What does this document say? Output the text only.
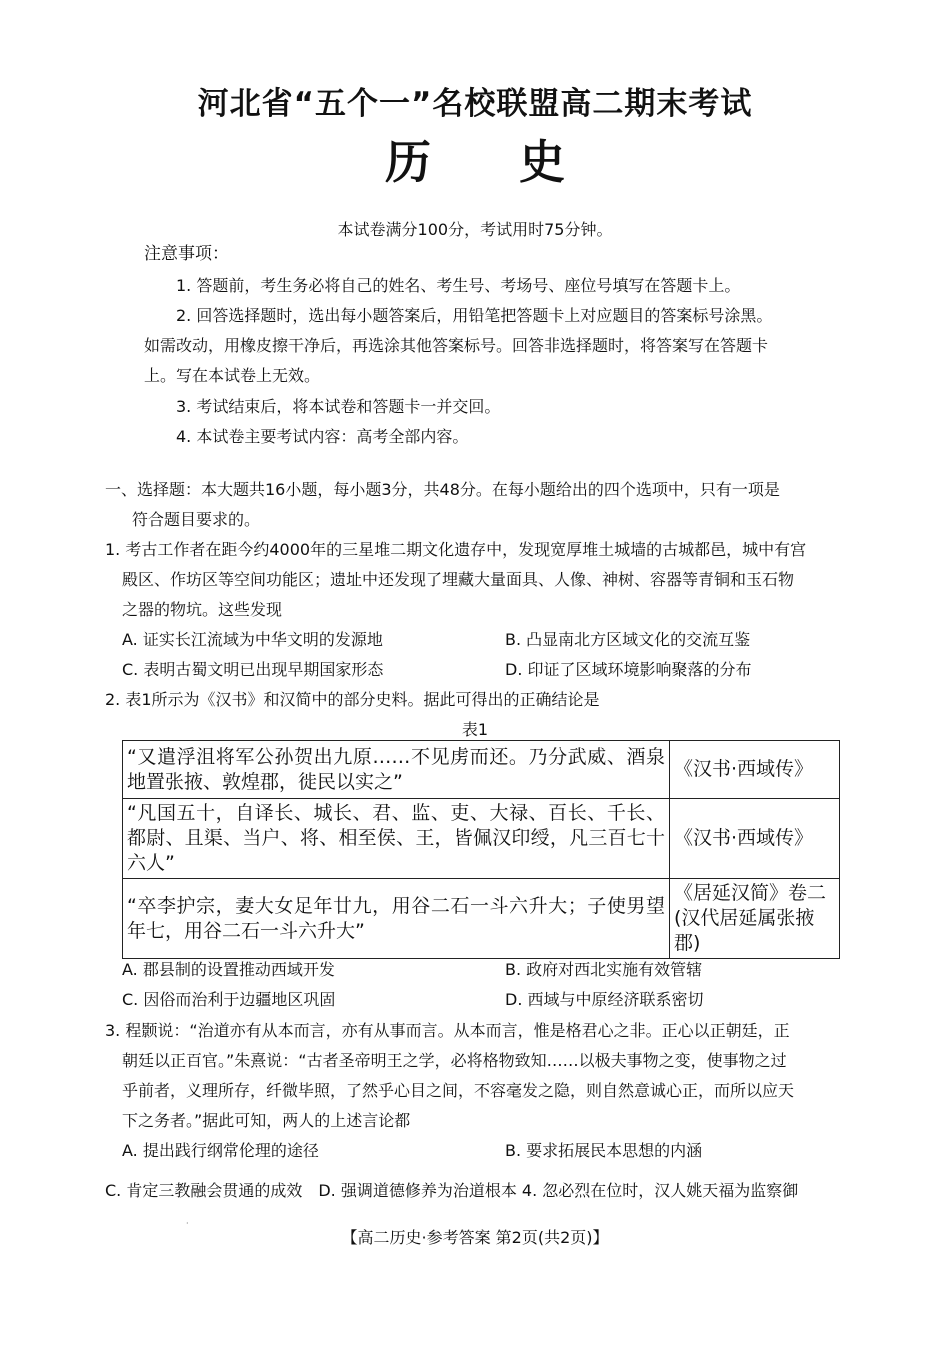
河北省“五个一”名校联盟高二期末考试
历史
本试卷满分100分，考试用时75分钟。
注意事项：
1. 答题前，考生务必将自己的姓名、考生号、考场号、座位号填写在答题卡上。
2. 回答选择题时，选出每小题答案后，用铅笔把答题卡上对应题目的答案标号涂黑。
如需改动，用橡皮擦干净后，再选涂其他答案标号。回答非选择题时，将答案写在答题卡
上。写在本试卷上无效。
3. 考试结束后，将本试卷和答题卡一并交回。
4. 本试卷主要考试内容：高考全部内容。
一、选择题：本大题共16小题，每小题3分，共48分。在每小题给出的四个选项中，只有一项是
符合题目要求的。
1. 考古工作者在距今约4000年的三星堆二期文化遗存中，发现宽厚堆土城墙的古城都邑，城中有宫
殿区、作坊区等空间功能区；遗址中还发现了埋藏大量面具、人像、神树、容器等青铜和玉石物
之器的物坑。这些发现
A. 证实长江流域为中华文明的发源地	B. 凸显南北方区域文化的交流互鉴
C. 表明古蜀文明已出现早期国家形态	D. 印证了区域环境影响聚落的分布
2. 表1所示为《汉书》和汉简中的部分史料。据此可得出的正确结论是
表1
“又遣浮沮将军公孙贺出九原……不见虏而还。乃分武威、酒泉地置张掖、敦煌郡，徙民以实之”	《汉书·西域传》
“凡国五十，自译长、城长、君、监、吏、大禄、百长、千长、都尉、且渠、当户、将、相至侯、王，皆佩汉印绶，凡三百七十六人”	《汉书·西域传》
“卒李护宗，妻大女足年廿九，用谷二石一斗六升大；子使男望年七，用谷二石一斗六升大”	《居延汉简》卷二(汉代居延属张掖郡)
A. 郡县制的设置推动西域开发	B. 政府对西北实施有效管辖
C. 因俗而治利于边疆地区巩固	D. 西域与中原经济联系密切
3. 程颢说：“治道亦有从本而言，亦有从事而言。从本而言，惟是格君心之非。正心以正朝廷，正
朝廷以正百官。”朱熹说：“古者圣帝明王之学，必将格物致知……以极夫事物之变，使事物之过
乎前者，义理所存，纤微毕照，了然乎心目之间，不容毫发之隐，则自然意诚心正，而所以应天
下之务者。”据此可知，两人的上述言论都
A. 提出践行纲常伦理的途径	B. 要求拓展民本思想的内涵
C. 肯定三教融会贯通的成效　D. 强调道德修养为治道根本 4. 忽必烈在位时，汉人姚天福为监察御
·
【高二历史·参考答案 第2页(共2页)】
